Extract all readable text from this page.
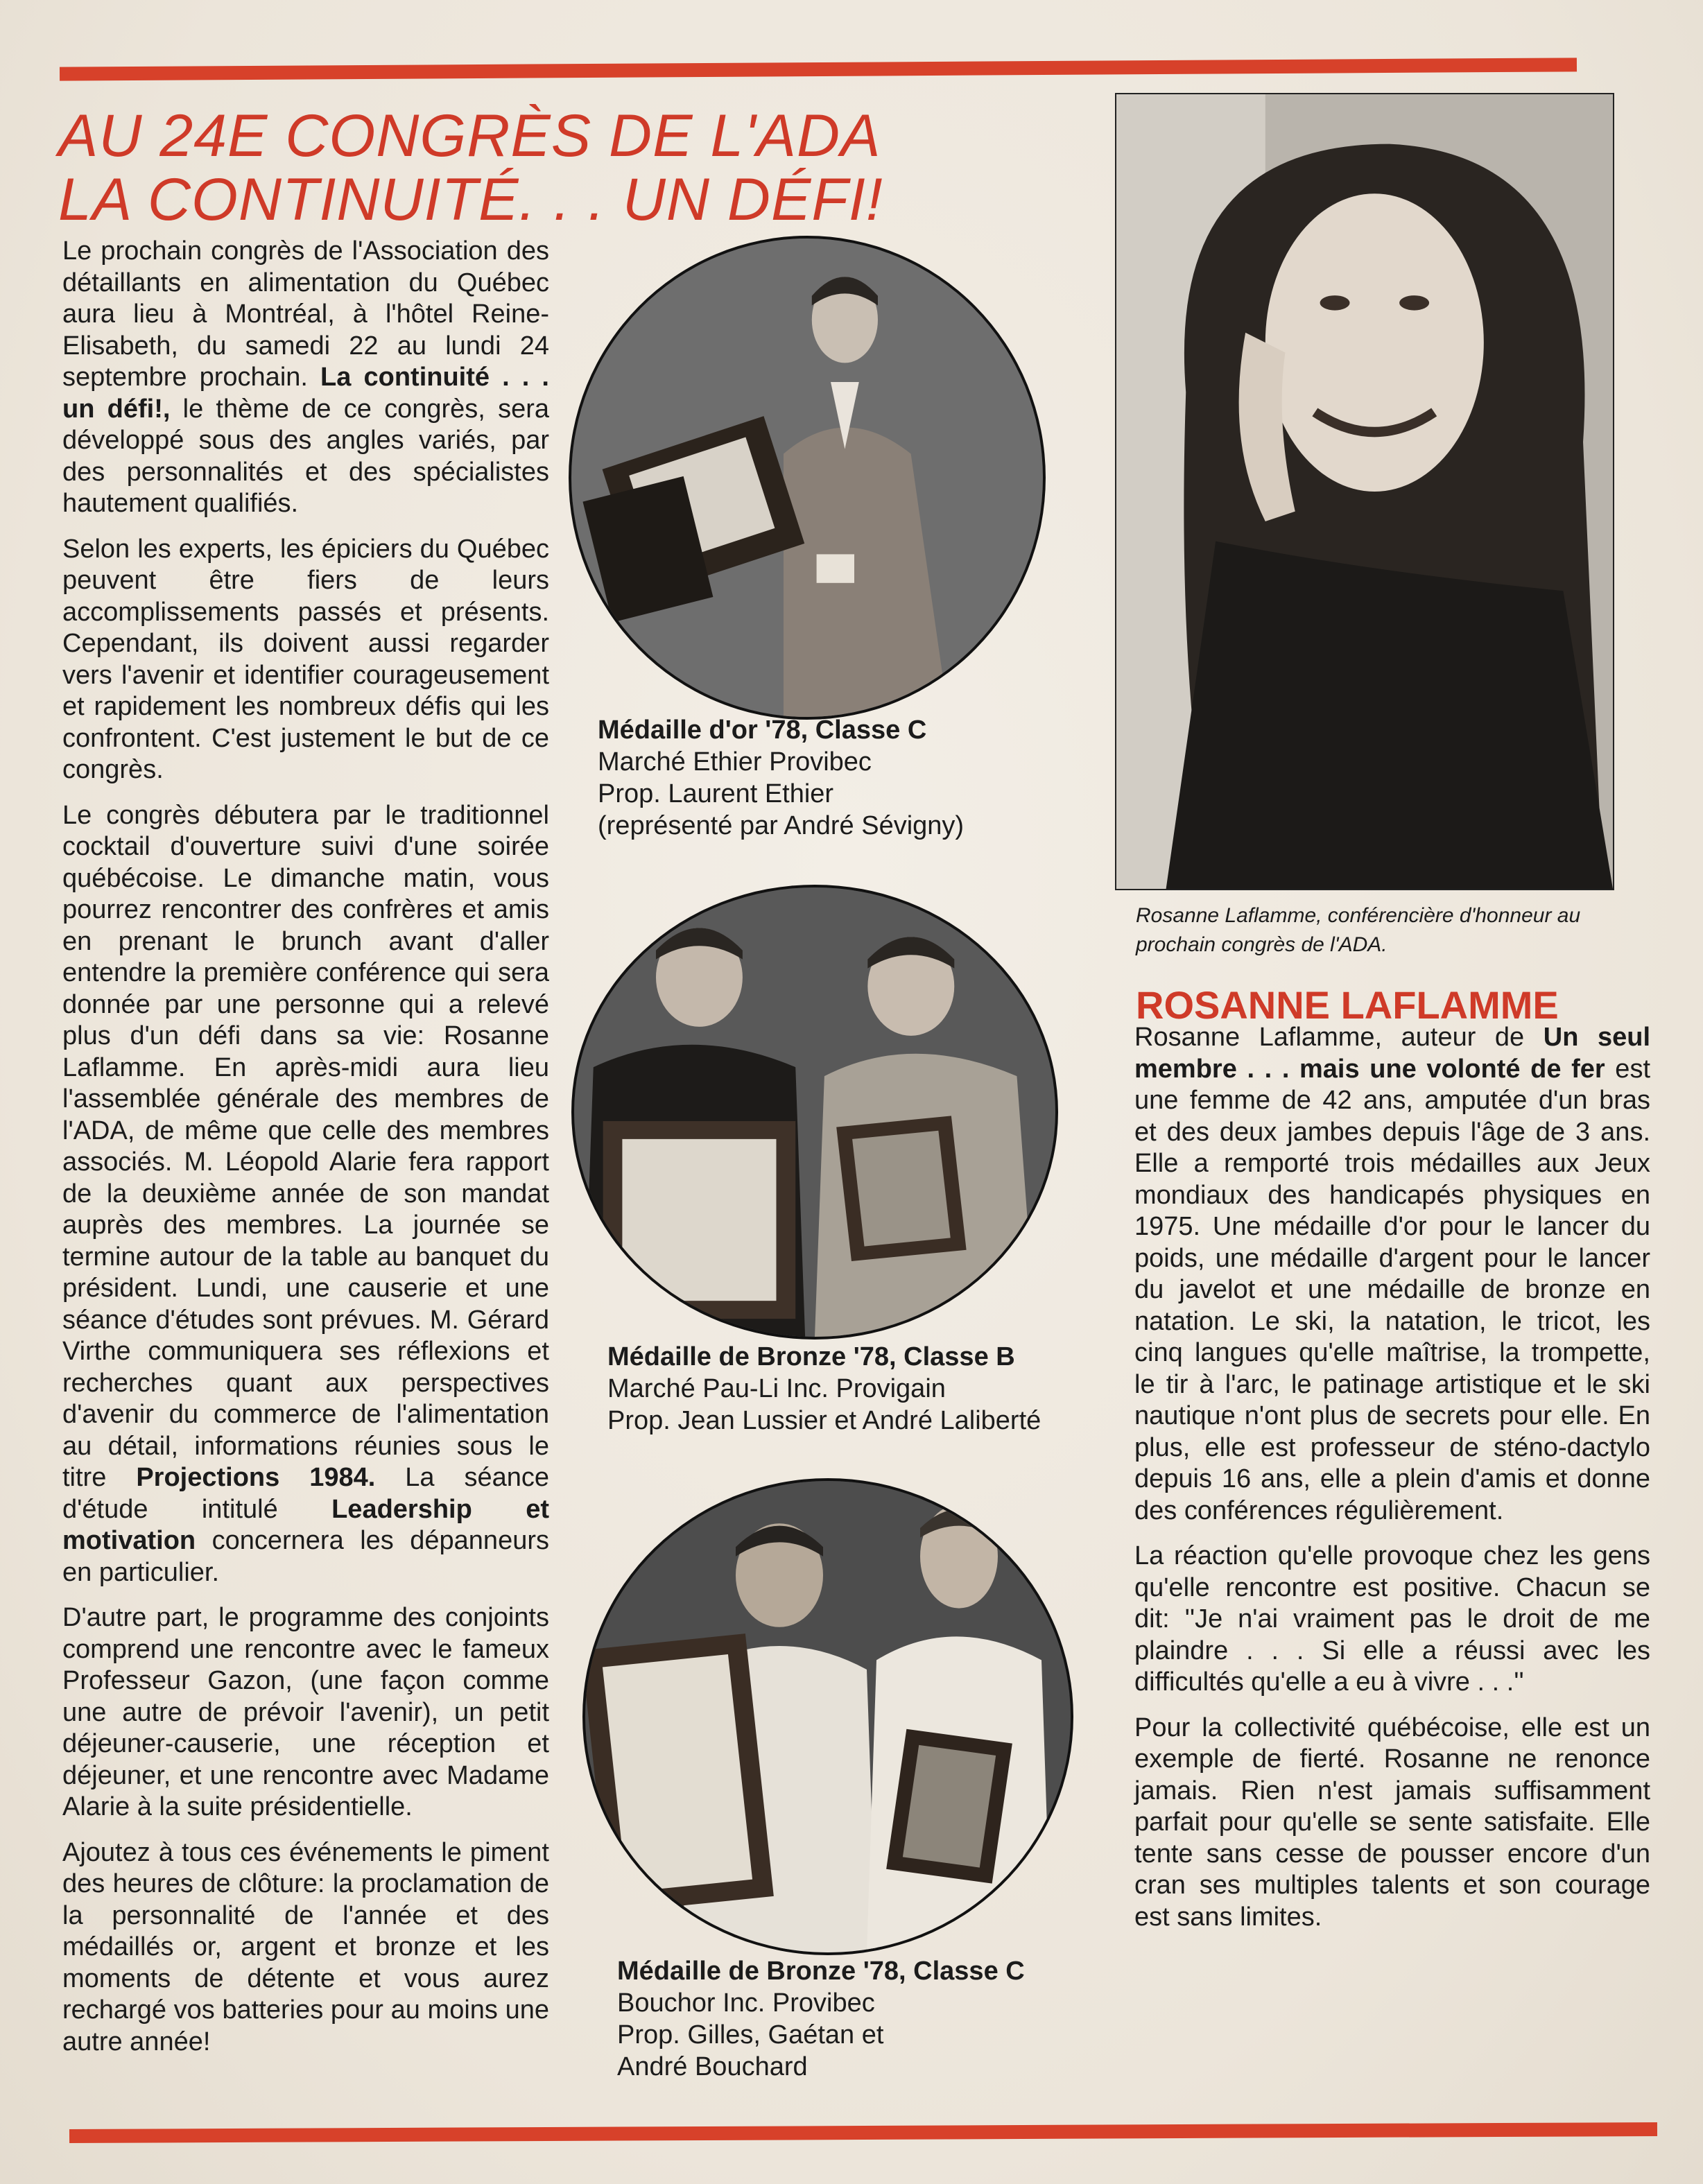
AU 24E CONGRÈS DE L'ADA
LA CONTINUITÉ. . . UN DÉFI!

Le prochain congrès de l'Association des détaillants en alimentation du Québec aura lieu à Montréal, à l'hôtel Reine-Elisabeth, du samedi 22 au lundi 24 septembre prochain. La continuité . . . un défi!, le thème de ce congrès, sera développé sous des angles variés, par des personnalités et des spécialistes hautement qualifiés.

Selon les experts, les épiciers du Québec peuvent être fiers de leurs accomplissements passés et présents. Cependant, ils doivent aussi regarder vers l'avenir et identifier courageusement et rapidement les nombreux défis qui les confrontent. C'est justement le but de ce congrès.

Le congrès débutera par le traditionnel cocktail d'ouverture suivi d'une soirée québécoise. Le dimanche matin, vous pourrez rencontrer des confrères et amis en prenant le brunch avant d'aller entendre la première conférence qui sera donnée par une personne qui a relevé plus d'un défi dans sa vie: Rosanne Laflamme. En après-midi aura lieu l'assemblée générale des membres de l'ADA, de même que celle des membres associés. M. Léopold Alarie fera rapport de la deuxième année de son mandat auprès des membres. La journée se termine autour de la table au banquet du président. Lundi, une causerie et une séance d'études sont prévues. M. Gérard Virthe communiquera ses réflexions et recherches quant aux perspectives d'avenir du commerce de l'alimentation au détail, informations réunies sous le titre Projections 1984. La séance d'étude intitulé Leadership et motivation concernera les dépanneurs en particulier.

D'autre part, le programme des conjoints comprend une rencontre avec le fameux Professeur Gazon, (une façon comme une autre de prévoir l'avenir), un petit déjeuner-causerie, une réception et déjeuner, et une rencontre avec Madame Alarie à la suite présidentielle.

Ajoutez à tous ces événements le piment des heures de clôture: la proclamation de la personnalité de l'année et des médaillés or, argent et bronze et les moments de détente et vous aurez rechargé vos batteries pour au moins une autre année!

Médaille d'or '78, Classe C
Marché Ethier Provibec
Prop. Laurent Ethier
(représenté par André Sévigny)
Médaille de Bronze '78, Classe B
Marché Pau-Li Inc. Provigain
Prop. Jean Lussier et André Laliberté
Médaille de Bronze '78, Classe C
Bouchor Inc. Provibec
Prop. Gilles, Gaétan et
André Bouchard
Rosanne Laflamme, conférencière d'honneur au prochain congrès de l'ADA.
ROSANNE LAFLAMME

Rosanne Laflamme, auteur de Un seul membre . . . mais une volonté de fer est une femme de 42 ans, amputée d'un bras et des deux jambes depuis l'âge de 3 ans. Elle a remporté trois médailles aux Jeux mondiaux des handicapés physiques en 1975. Une médaille d'or pour le lancer du poids, une médaille d'argent pour le lancer du javelot et une médaille de bronze en natation. Le ski, la natation, le tricot, les cinq langues qu'elle maîtrise, la trompette, le tir à l'arc, le patinage artistique et le ski nautique n'ont plus de secrets pour elle. En plus, elle est professeur de sténo-dactylo depuis 16 ans, elle a plein d'amis et donne des conférences régulièrement.

La réaction qu'elle provoque chez les gens qu'elle rencontre est positive. Chacun se dit: ''Je n'ai vraiment pas le droit de me plaindre . . . Si elle a réussi avec les difficultés qu'elle a eu à vivre . . .''

Pour la collectivité québécoise, elle est un exemple de fierté. Rosanne ne renonce jamais. Rien n'est jamais suffisamment parfait pour qu'elle se sente satisfaite. Elle tente sans cesse de pousser encore d'un cran ses multiples talents et son courage est sans limites.
